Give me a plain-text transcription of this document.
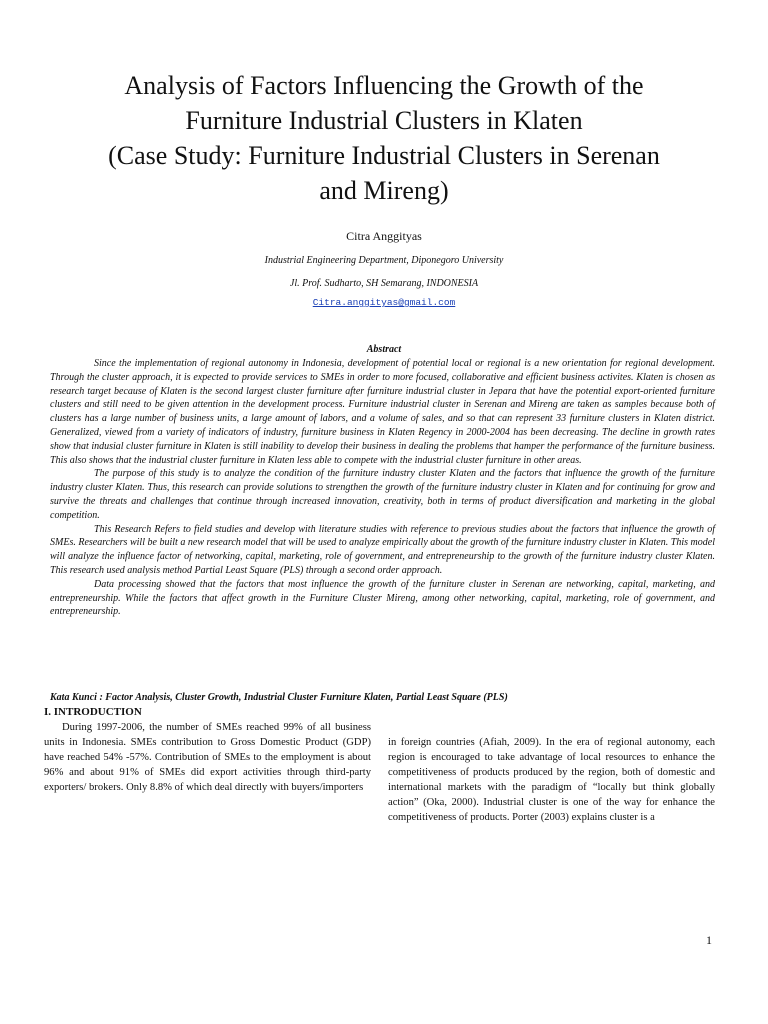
Analysis of Factors Influencing the Growth of the
Furniture Industrial Clusters in Klaten
(Case Study: Furniture Industrial Clusters in Serenan
and Mireng)
Citra Anggityas
Industrial Engineering Department, Diponegoro University
Jl. Prof. Sudharto, SH Semarang, INDONESIA
Citra.anggityas@gmail.com
Abstract

Since the implementation of regional autonomy in Indonesia, development of potential local or regional is a new orientation for regional development. Through the cluster approach, it is expected to provide services to SMEs in order to more focused, collaborative and efficient business activites. Klaten is chosen as research target because of Klaten is the second largest cluster furniture after furniture industrial cluster in Jepara that have the potential export-oriented furniture clusters and still need to be given attention in the development process. Furniture industrial cluster in Serenan and Mireng are taken as samples because both of clusters has a large number of business units, a large amount of labors, and a volume of sales, and so that can represent 33 furniture clusters in Klaten district. Generalized, viewed from a variety of indicators of industry, furniture business in Klaten Regency in 2000-2004 has been decreasing. The decline in growth rates show that indusial cluster furniture in Klaten is still inability to develop their business in dealing the problems that hamper the performance of the furniture business. This also shows that the industrial cluster furniture in Klaten less able to compete with the industrial cluster furniture in other areas.

The purpose of this study is to analyze the condition of the furniture industry cluster Klaten and the factors that influence the growth of the furniture industry cluster Klaten. Thus, this research can provide solutions to strengthen the growth of the furniture industry cluster in Klaten and for continuing for grow and survive the threats and challenges that continue through increased innovation, creativity, both in terms of product diversification and marketing in the global competition.

This Research Refers to field studies and develop with literature studies with reference to previous studies about the factors that influence the growth of SMEs. Researchers will be built a new research model that will be used to analyze empirically about the growth of the furniture industry cluster in Klaten. This model will analyze the influence factor of networking, capital, marketing, role of government, and entrepreneurship to the growth of the furniture industry cluster Klaten. This research used analysis method Partial Least Square (PLS) through a second order approach.

Data processing showed that the factors that most influence the growth of the furniture cluster in Serenan are networking, capital, marketing, and entrepreneurship. While the factors that affect growth in the Furniture Cluster Mireng, among other networking, capital, marketing, role of government, and entrepreneurship.

Kata Kunci : Factor Analysis, Cluster Growth, Industrial Cluster Furniture Klaten, Partial Least Square (PLS)
I. INTRODUCTION

During 1997-2006, the number of SMEs reached 99% of all business units in Indonesia. SMEs contribution to Gross Domestic Product (GDP) have reached 54% -57%. Contribution of SMEs to the employment is about 96% and about 91% of SMEs did export activities through third-party exporters/ brokers. Only 8.8% of which deal directly with buyers/importers

in foreign countries (Afiah, 2009). In the era of regional autonomy, each region is encouraged to take advantage of local resources to enhance the competitiveness of products produced by the region, both of domestic and international markets with the paradigm of “locally but think globally action” (Oka, 2000). Industrial cluster is one of the way for enhance the competitiveness of products. Porter (2003) explains cluster is a

1
